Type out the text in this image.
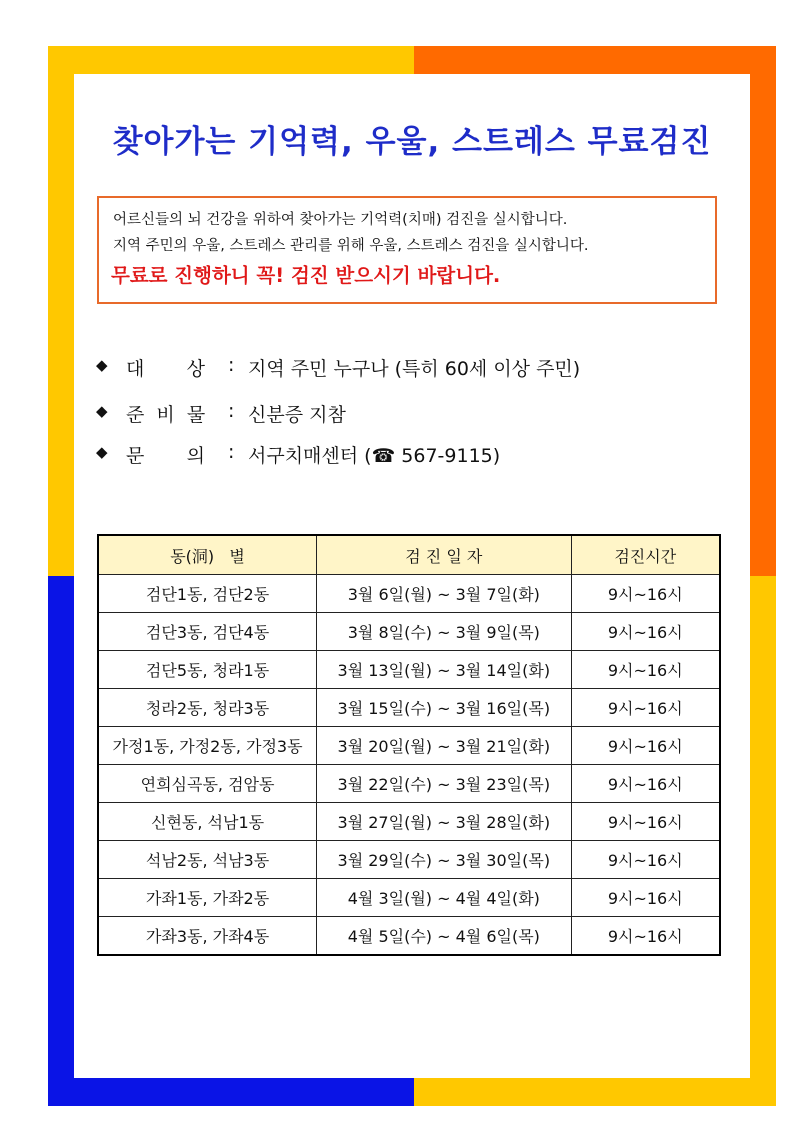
찾아가는 기억력, 우울, 스트레스 무료검진
어르신들의 뇌 건강을 위하여 찾아가는 기억력(치매) 검진을 실시합니다.
지역 주민의 우울, 스트레스 관리를 위해 우울, 스트레스 검진을 실시합니다.
무료로 진행하니 꼭! 검진 받으시기 바랍니다.
◆ 대       상 : 지역 주민 누구나 (특히 60세 이상 주민)
◆ 준  비  물 : 신분증 지참
◆ 문       의 : 서구치매센터 (☎ 567-9115)
동(洞)   별	검 진 일 자	검진시간
검단1동, 검단2동	3월 6일(월) ~ 3월 7일(화)	9시~16시
검단3동, 검단4동	3월 8일(수) ~ 3월 9일(목)	9시~16시
검단5동, 청라1동	3월 13일(월) ~ 3월 14일(화)	9시~16시
청라2동, 청라3동	3월 15일(수) ~ 3월 16일(목)	9시~16시
가정1동, 가정2동, 가정3동	3월 20일(월) ~ 3월 21일(화)	9시~16시
연희심곡동, 검암동	3월 22일(수) ~ 3월 23일(목)	9시~16시
신현동, 석남1동	3월 27일(월) ~ 3월 28일(화)	9시~16시
석남2동, 석남3동	3월 29일(수) ~ 3월 30일(목)	9시~16시
가좌1동, 가좌2동	4월 3일(월) ~ 4월 4일(화)	9시~16시
가좌3동, 가좌4동	4월 5일(수) ~ 4월 6일(목)	9시~16시
